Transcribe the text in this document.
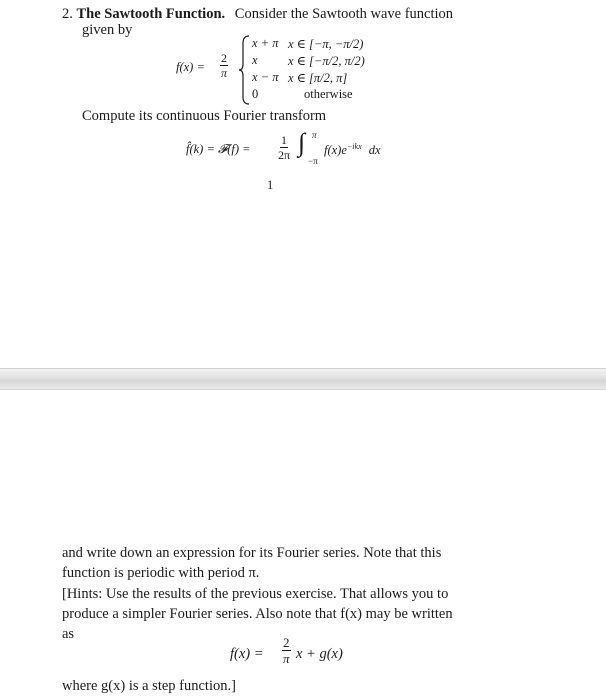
2. The Sawtooth Function. Consider the Sawtooth wave function
given by
$f(x) = \frac{2}{\pi}$
x + π x ∈ [−π, −π/2)
x x ∈ [−π/2, π/2)
x − π x ∈ [π/2, π]
0	otherwise
Compute its continuous Fourier transform
f̂(k) = 𝓕(f) = $\frac{1}{2\pi}$ ∫ π
−π
$f(x)e^{-ikx}$ dx
1
and write down an expression for its Fourier series. Note that this
function is periodic with period π.
[Hints: Use the results of the previous exercise. That allows you to
produce a simpler Fourier series. Also note that f(x) may be written
as
$f(x) = \frac{2}{\pi}$ x + g(x)
where g(x) is a step function.]
